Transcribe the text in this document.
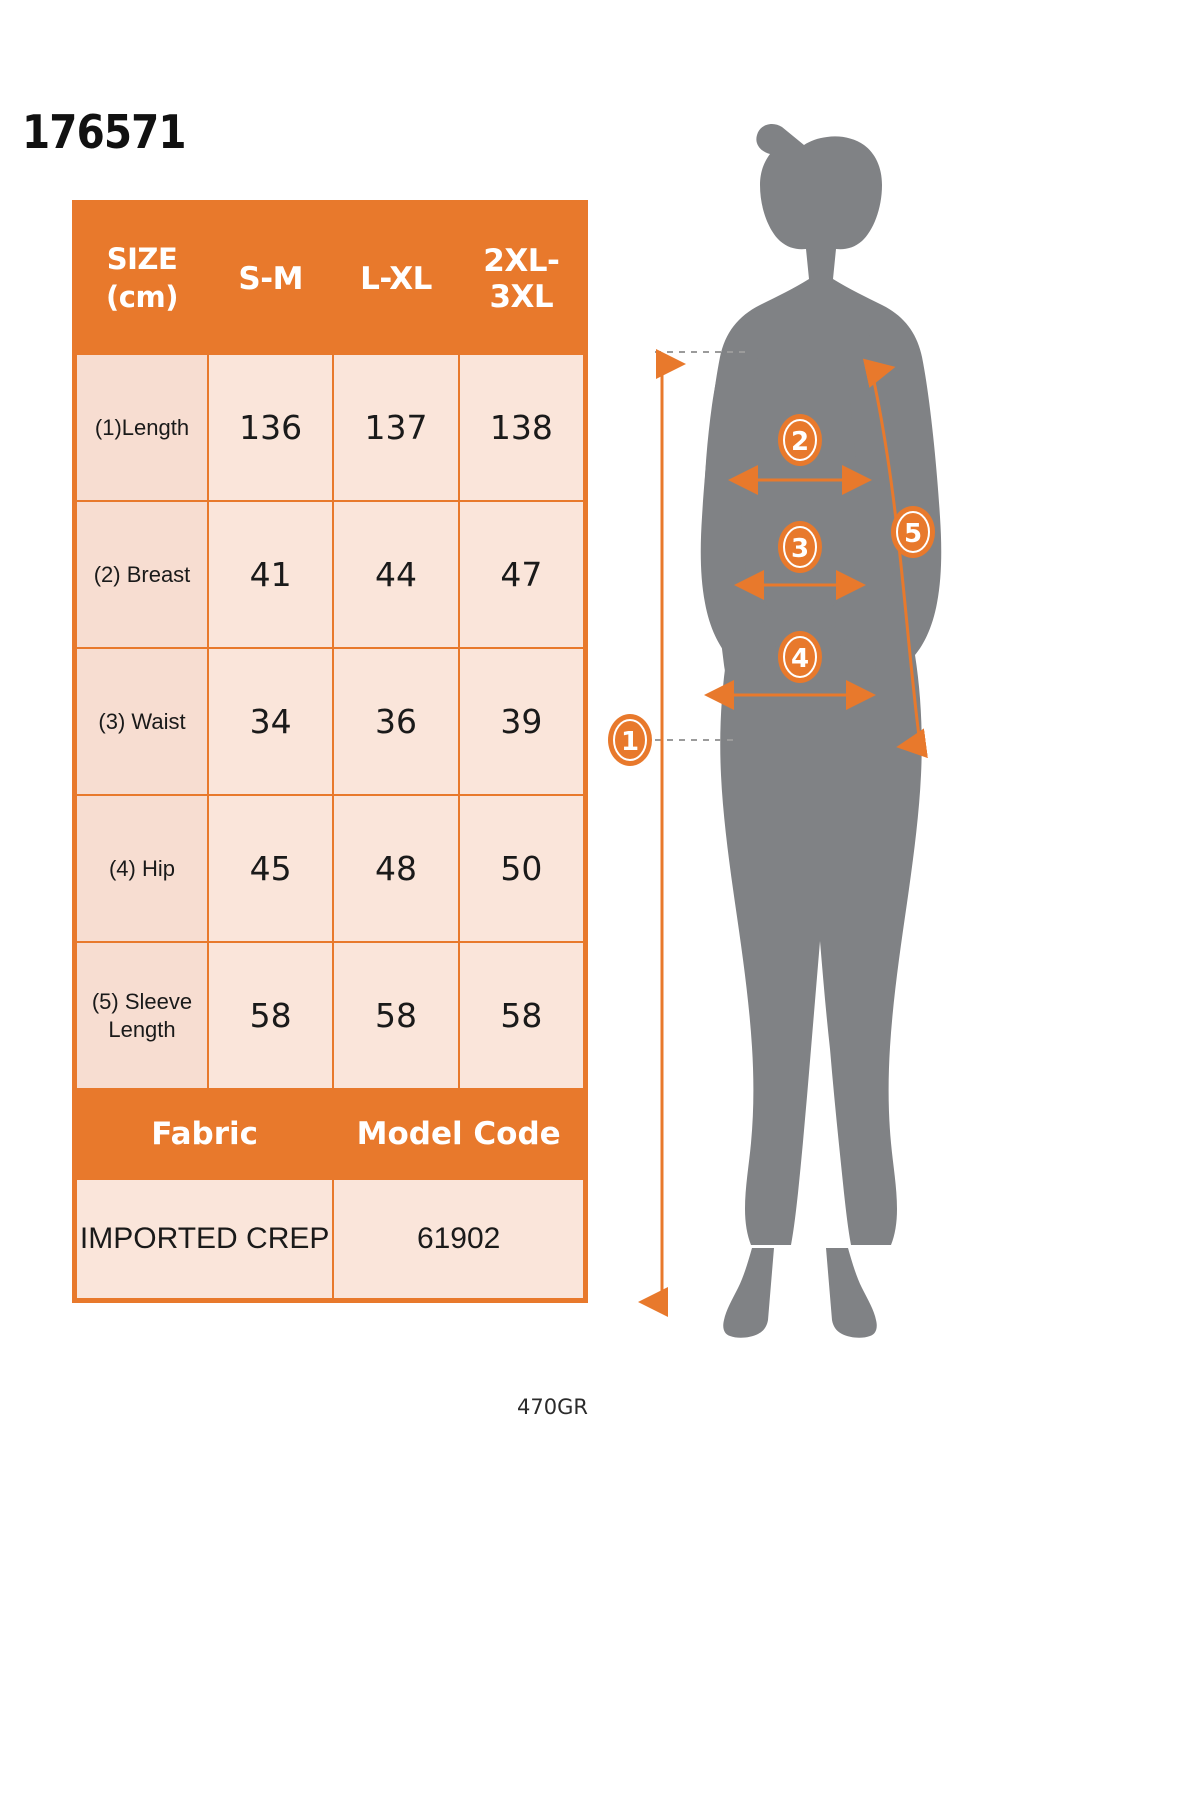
176571
SIZE
(cm)	S-M	L-XL	2XL-3XL
(1)Length	136	137	138
(2) Breast	41	44	47
(3) Waist	34	36	39
(4) Hip	45	48	50
(5) Sleeve Length	58	58	58
Fabric		Model Code	
IMPORTED CREP		61902	
470GR
1
2
3
4
5
